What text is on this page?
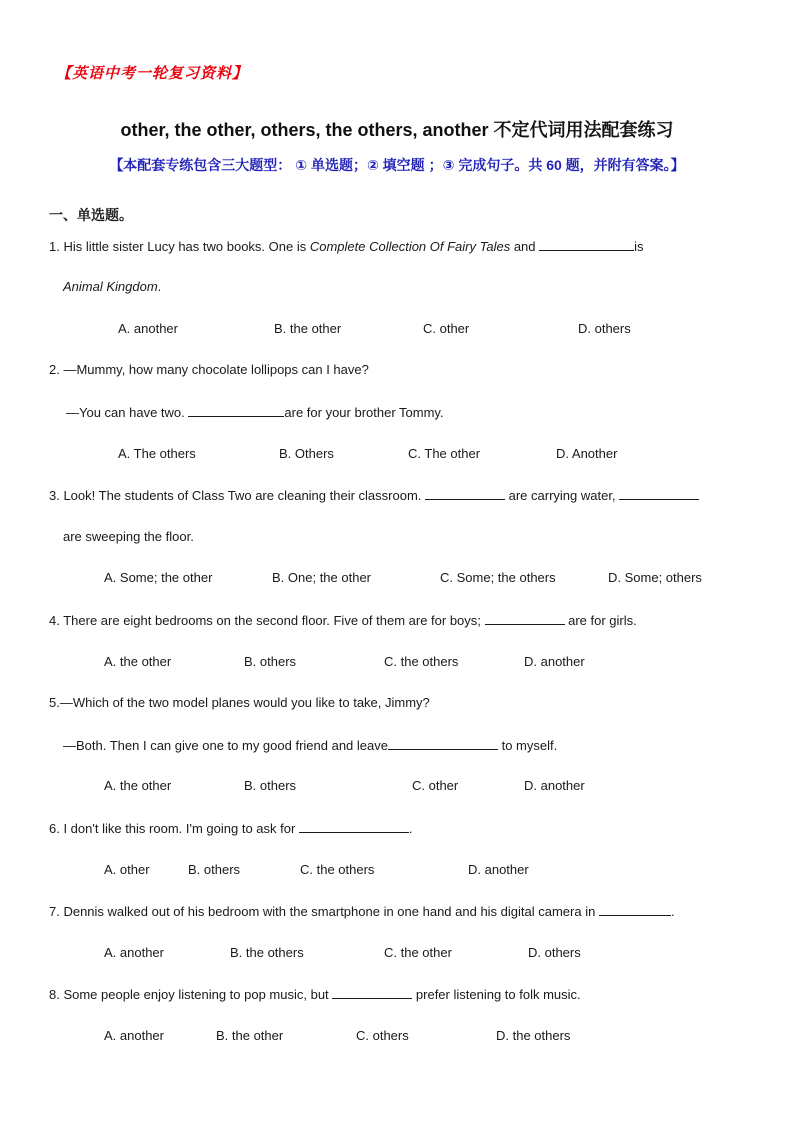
【英语中考一轮复习资料】
other, the other, others, the others, another 不定代词用法配套练习
【本配套专练包含三大题型： ① 单选题；② 填空题 ；③ 完成句子。共 60 题，并附有答案。】
一、单选题。
1. His little sister Lucy has two books. One is Complete Collection Of Fairy Tales and	is
Animal Kingdom.
A. another	B. the other	C. other	D. others
2. —Mummy, how many chocolate lollipops can I have?
—You can have two.	are for your brother Tommy.
A. The others	B. Others	C. The other	D. Another
3. Look! The students of Class Two are cleaning their classroom.	are carrying water,
are sweeping the floor.
A. Some; the other	B. One; the other	C. Some; the others	D. Some; others
4. There are eight bedrooms on the second floor. Five of them are for boys;	are for girls.
A. the other	B. others	C. the others	D. another
5.—Which of the two model planes would you like to take, Jimmy?
—Both. Then I can give one to my good friend and leave	to myself.
A. the other	B. others	C. other	D. another
6. I don't like this room. I'm going to ask for	.
A. other	B. others	C. the others	D. another
7. Dennis walked out of his bedroom with the smartphone in one hand and his digital camera in	.
A. another	B. the others	C. the other	D. others
8. Some people enjoy listening to pop music, but	prefer listening to folk music.
A. another	B. the other	C. others	D. the others
